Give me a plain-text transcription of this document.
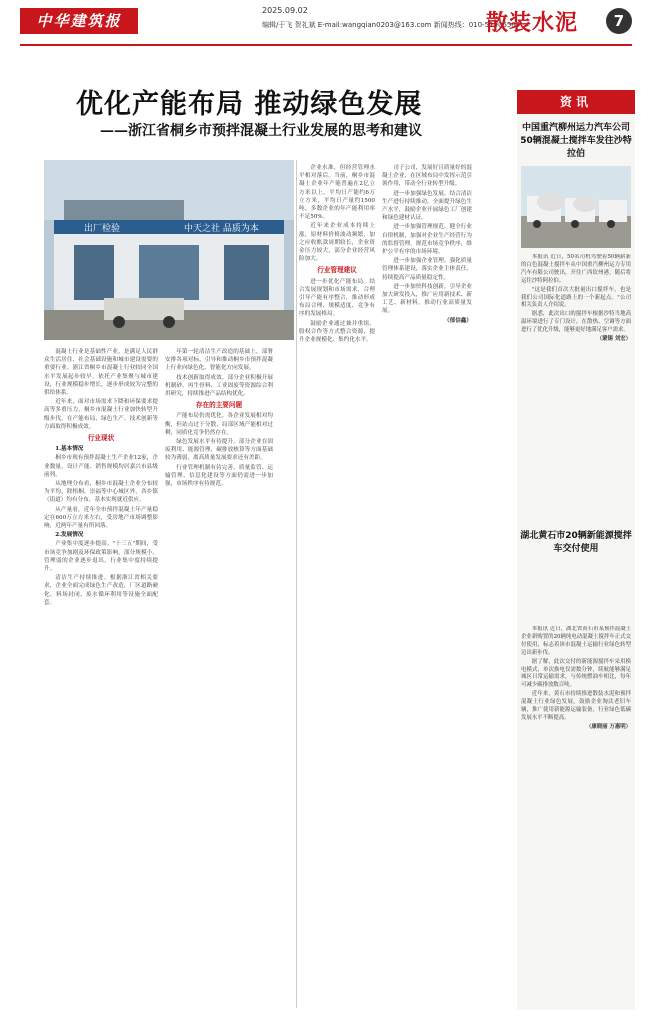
中华建筑报
2025.09.02
编辑/于飞 贺礼斌 E-mail:wangqian0203@163.com 新闻热线：010-51906505
散装水泥	7
优化产能布局 推动绿色发展
——浙江省桐乡市预拌混凝土行业发展的思考和建议
出厂检验	中天之社 品质为本

混凝土行业是基础性产业，是满足人民群众生活居住、社会基础设施和城市建设需要的重要行业。浙江省桐乡市混凝土行业较同全国水平发展起步较早，依托产业集聚与城市建设，行业规模稳步增长，逐步形成较为完整的供给体系。

近年来，面对市场需求下降和环保要求提高等多重压力，桐乡市混凝土行业加快转型升级步伐，在产能布局、绿色生产、技术创新等方面取得积极成效。

行业现状

1.基本情况

桐乡市现有预拌混凝土生产企业12家，企业数量、设计产能、销售规模均居嘉兴市县级前列。

从地理分布看，桐乡市混凝土企业分布较为平均，除梧桐、崇福等中心城区外，各乡镇（街道）均有分布，基本实现就近供应。

从产量看，近年全市预拌混凝土年产量稳定在600万立方米左右，受房地产市场调整影响，近两年产量有所回落。

2.发展情况

产业集中度逐步提高。"十三五"期间，受市场竞争加剧及环保政策影响，部分规模小、管理弱的企业逐步退出，行业集中度持续提升。

清洁生产持续推进。根据浙江省相关要求，企业全面完成绿色生产改造，厂区道路硬化、料场封闭、废水循环利用等设施全面配套。

年第一轮清洁生产改造的基础上，部署安排各项对标，引导和推动桐乡市预拌混凝土行业向绿色化、智能化方向发展。

技术创新取得成效。部分企业积极开展机制砂、再生骨料、工业固废等资源综合利用研究，持续推进产品结构优化。

存在的主要问题

产能布局仍需优化。各企业发展相对均衡，但站点过于分散，局部区域产能相对过剩，同质化竞争仍然存在。

绿色发展水平有待提升。部分企业在固废利用、能源管理、碳排放核算等方面基础较为薄弱，离高质量发展要求还有差距。

行业管理机制有待完善。质量监管、运输管理、信息化建设等方面仍需进一步加强，市场秩序有待规范。

企业水准，但经营管理水平相对落后。当前，桐乡市混凝土企业年产能普遍在2亿立方米以上，平均日产能约6万立方米，平均日产量约1500吨。多数企业的年产能利用率不足50%。

近年来企业成本持续上涨，原材料价格波动频繁，加之应收账款周期较长，企业资金压力较大，部分企业经营风险加大。

行业管理建议

进一步优化产能布局。结合发展规划和市场需求，合理引导产能有序整合，推动形成布局合理、规模适度、竞争有序的发展格局。

鼓励企业通过兼并重组、股权合作等方式整合资源，提升企业规模化、集约化水平。

司子公司，发展好且质量好的混凝土企业，在区域布局中发挥示范引领作用，带动全行业转型升级。

进一步加强绿色发展。结合清洁生产进行持续推动，全面提升绿色生产水平，鼓励企业开展绿色工厂创建和绿色建材认证。

进一步加强管理规范。健全行业自律机制，加强对企业生产经营行为的监督管理，规范市场竞争秩序，维护公平有序的市场环境。

进一步加强企业管理。强化质量管理体系建设，落实企业主体责任，持续提高产品质量稳定性。

进一步加快科技创新。引导企业加大研发投入，推广应用新技术、新工艺、新材料，推动行业高质量发展。

（郁信鑫）

本报讯 近日，50名司机驾驶着50辆崭新的白色混凝土搅拌车从中国重汽柳州运力专用汽车有限公司驶出，开往广西钦州港，随后将运往沙特阿拉伯。

"这是我们首次大批量出口搅拌车，也是我们公司国际化道路上的一个新起点。"公司相关负责人介绍说。

据悉，此次出口的搅拌车根据沙特当地高温环境进行了专门设计，在散热、空调等方面进行了优化升级，能够更好地满足客户需求。

（蒙锡 刘宏）

本报讯 近日，湖北省黄石市某预拌混凝土企业新购置的20辆纯电动混凝土搅拌车正式交付使用，标志着该市混凝土运输行业绿色转型迈出新步伐。

据了解，此次交付的新能源搅拌车采用换电模式，单次换电仅需数分钟，续航能够满足城区日常运输需求，与传统燃油车相比，每年可减少碳排放数百吨。

近年来，黄石市持续推进散装水泥和预拌混凝土行业绿色发展，鼓励企业淘汰老旧车辆，推广使用新能源运输装备，行业绿色低碳发展水平不断提高。

（康晓丽 万惠明）

资讯
中国重汽柳州运力汽车公司50辆混凝土搅拌车发往沙特拉伯
湖北黄石市20辆新能源搅拌车交付使用
